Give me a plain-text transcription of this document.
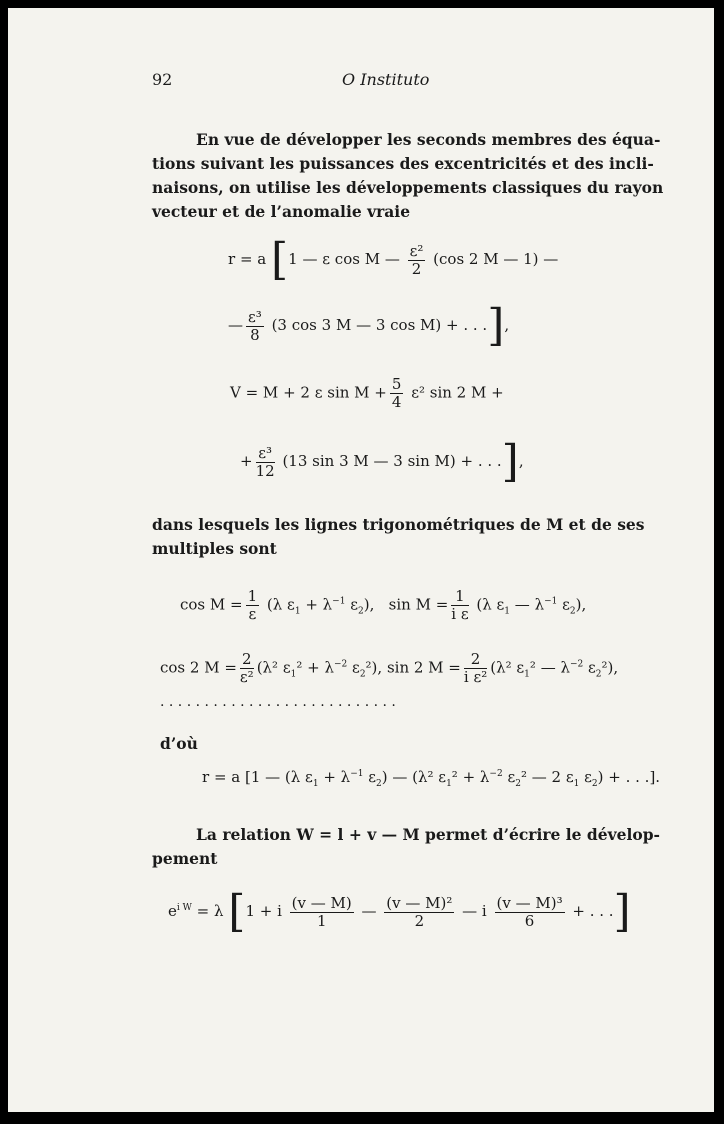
92	O Instituto
En vue de développer les seconds membres des équa-
tions suivant les puissances des excentricités et des incli-
naisons, on utilise les développements classiques du rayon
vecteur et de l’anomalie vraie
r = a [1 — ε cos M — $\frac{\text{ε²}}{2} (\cos$ 2 M — 1) —
— $\frac{\text{ε³}}{8} (3$ cos 3 M — 3 cos M) + . . .],
V = M + 2 ε $\sin M + \frac{5}{4} \varepsilon^2$ sin 2 M +
+ $\frac{\text{ε³}}{12} (13$ sin 3 M — 3 sin M) + . . .],
dans lesquels les lignes trigonométriques de M et de ses
multiples sont
$\cos M = \frac{1}{\varepsilon} (\lambda$ $\varepsilon_1 + \lambda^{-1}$ $\varepsilon_2$),   $\sin M = \frac{1}{\text{i ε}} (\lambda$ $\varepsilon_1$ — $\lambda^{-1}$ $\varepsilon_2$),
cos 2 $M = \frac{2}{\text{ε²}} (\lambda^2$ $\varepsilon_1^2 + \lambda^{-2}$ $\varepsilon_2^2$), sin 2 $M = \frac{2}{\text{i ε²}} (\lambda^2$ $\varepsilon_1^2$ — $\lambda^{-2}$ $\varepsilon_2^2$),
. . . . . . . . . . . . . . . . . . . . . . . . . . .
d’où
r = a [1 — (λ $\varepsilon_1 + \lambda^{-1}$ $\varepsilon_2$) — (λ² $\varepsilon_1^2 + \lambda^{-2}$ $\varepsilon_2^2$ — 2 $\varepsilon_1$ $\varepsilon_2$) + . . .].
La relation W = l + v — M permet d’écrire le dévelop-
pement
$e^{i W} = \lambda$ [1 + i $\frac{(v — M)}{1}$ — $\frac{\text{(v — M)²}}{2}$ — i $\frac{\text{(v — M)³}}{6}$ + . . .]
